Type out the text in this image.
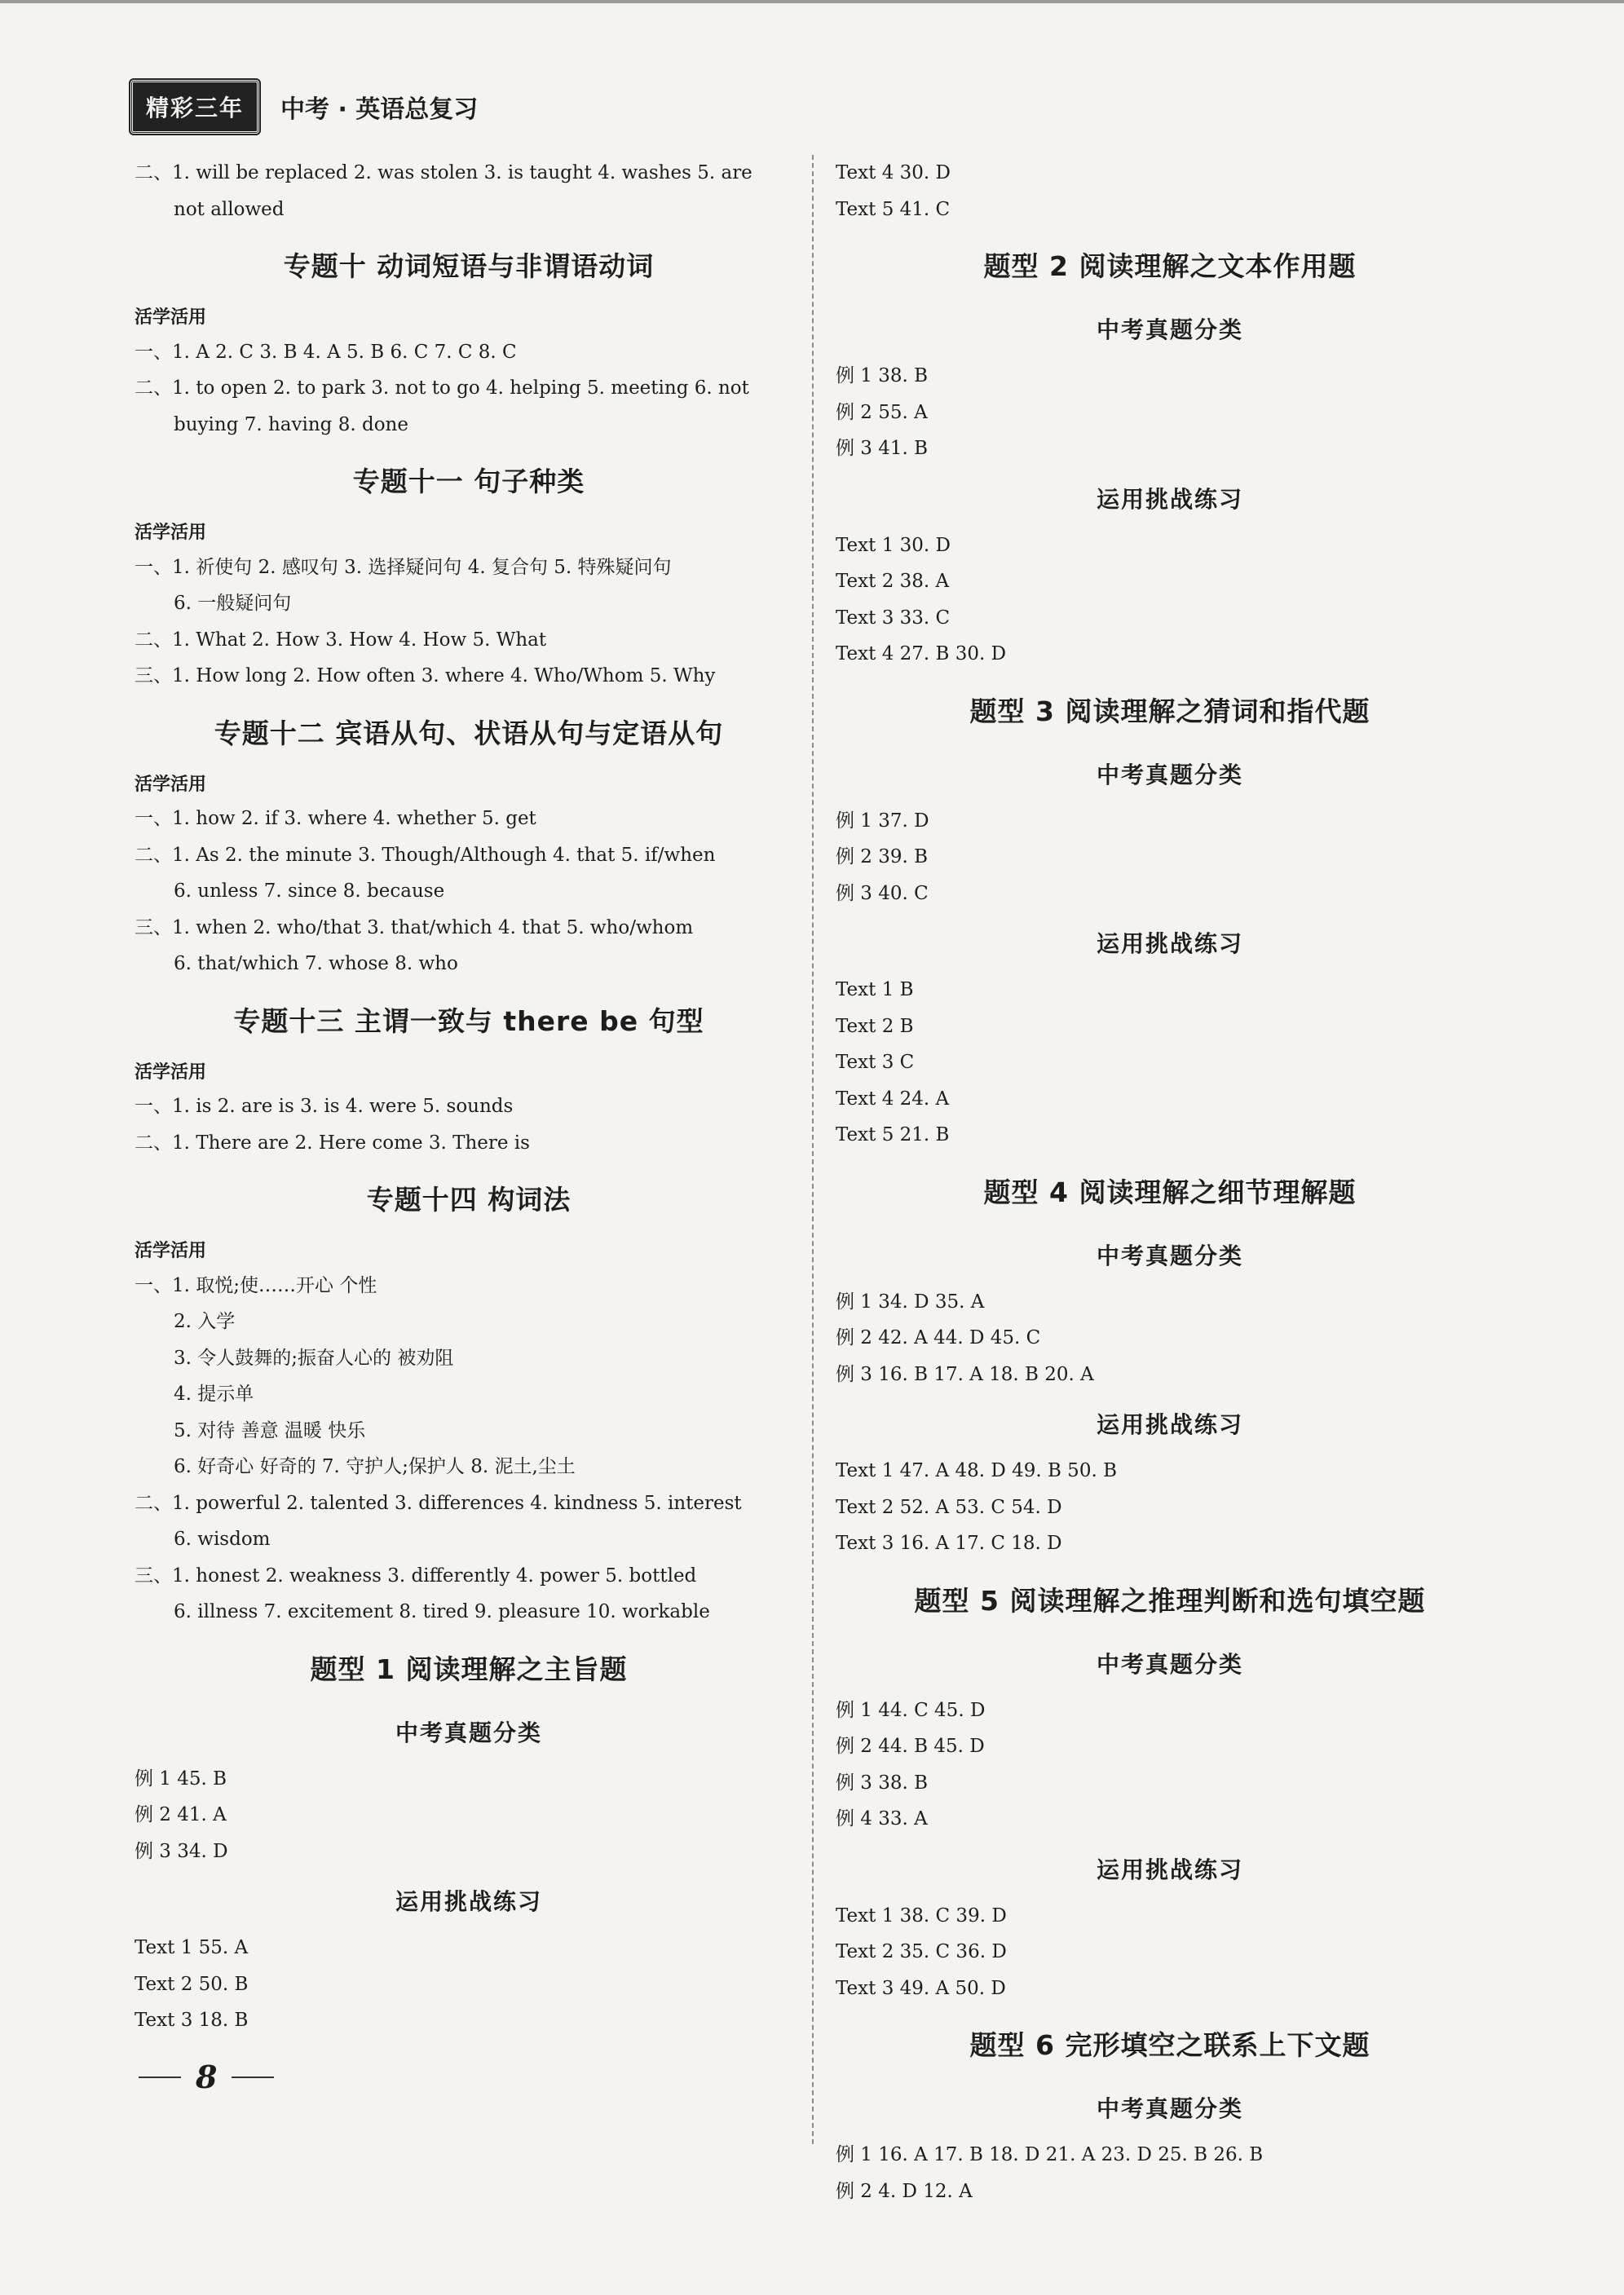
精彩三年	中考 · 英语总复习
二、1. will be replaced 2. was stolen 3. is taught 4. washes 5. are
not allowed
专题十 动词短语与非谓语动词
活学活用
一、1. A 2. C 3. B 4. A 5. B 6. C 7. C 8. C
二、1. to open 2. to park 3. not to go 4. helping 5. meeting 6. not
buying 7. having 8. done
专题十一 句子种类
活学活用
一、1. 祈使句 2. 感叹句 3. 选择疑问句 4. 复合句 5. 特殊疑问句
6. 一般疑问句
二、1. What 2. How 3. How 4. How 5. What
三、1. How long 2. How often 3. where 4. Who/Whom 5. Why
专题十二 宾语从句、状语从句与定语从句
活学活用
一、1. how 2. if 3. where 4. whether 5. get
二、1. As 2. the minute 3. Though/Although 4. that 5. if/when
6. unless 7. since 8. because
三、1. when 2. who/that 3. that/which 4. that 5. who/whom
6. that/which 7. whose 8. who
专题十三 主谓一致与 there be 句型
活学活用
一、1. is 2. are is 3. is 4. were 5. sounds
二、1. There are 2. Here come 3. There is
专题十四 构词法
活学活用
一、1. 取悦;使……开心 个性
2. 入学
3. 令人鼓舞的;振奋人心的 被劝阻
4. 提示单
5. 对待 善意 温暖 快乐
6. 好奇心 好奇的 7. 守护人;保护人 8. 泥土,尘土
二、1. powerful 2. talented 3. differences 4. kindness 5. interest
6. wisdom
三、1. honest 2. weakness 3. differently 4. power 5. bottled
6. illness 7. excitement 8. tired 9. pleasure 10. workable
题型 1 阅读理解之主旨题
中考真题分类
例 1 45. B
例 2 41. A
例 3 34. D
运用挑战练习
Text 1 55. A
Text 2 50. B
Text 3 18. B
Text 4 30. D
Text 5 41. C
题型 2 阅读理解之文本作用题
中考真题分类
例 1 38. B
例 2 55. A
例 3 41. B
运用挑战练习
Text 1 30. D
Text 2 38. A
Text 3 33. C
Text 4 27. B 30. D
题型 3 阅读理解之猜词和指代题
中考真题分类
例 1 37. D
例 2 39. B
例 3 40. C
运用挑战练习
Text 1 B
Text 2 B
Text 3 C
Text 4 24. A
Text 5 21. B
题型 4 阅读理解之细节理解题
中考真题分类
例 1 34. D 35. A
例 2 42. A 44. D 45. C
例 3 16. B 17. A 18. B 20. A
运用挑战练习
Text 1 47. A 48. D 49. B 50. B
Text 2 52. A 53. C 54. D
Text 3 16. A 17. C 18. D
题型 5 阅读理解之推理判断和选句填空题
中考真题分类
例 1 44. C 45. D
例 2 44. B 45. D
例 3 38. B
例 4 33. A
运用挑战练习
Text 1 38. C 39. D
Text 2 35. C 36. D
Text 3 49. A 50. D
题型 6 完形填空之联系上下文题
中考真题分类
例 1 16. A 17. B 18. D 21. A 23. D 25. B 26. B
例 2 4. D 12. A
8
